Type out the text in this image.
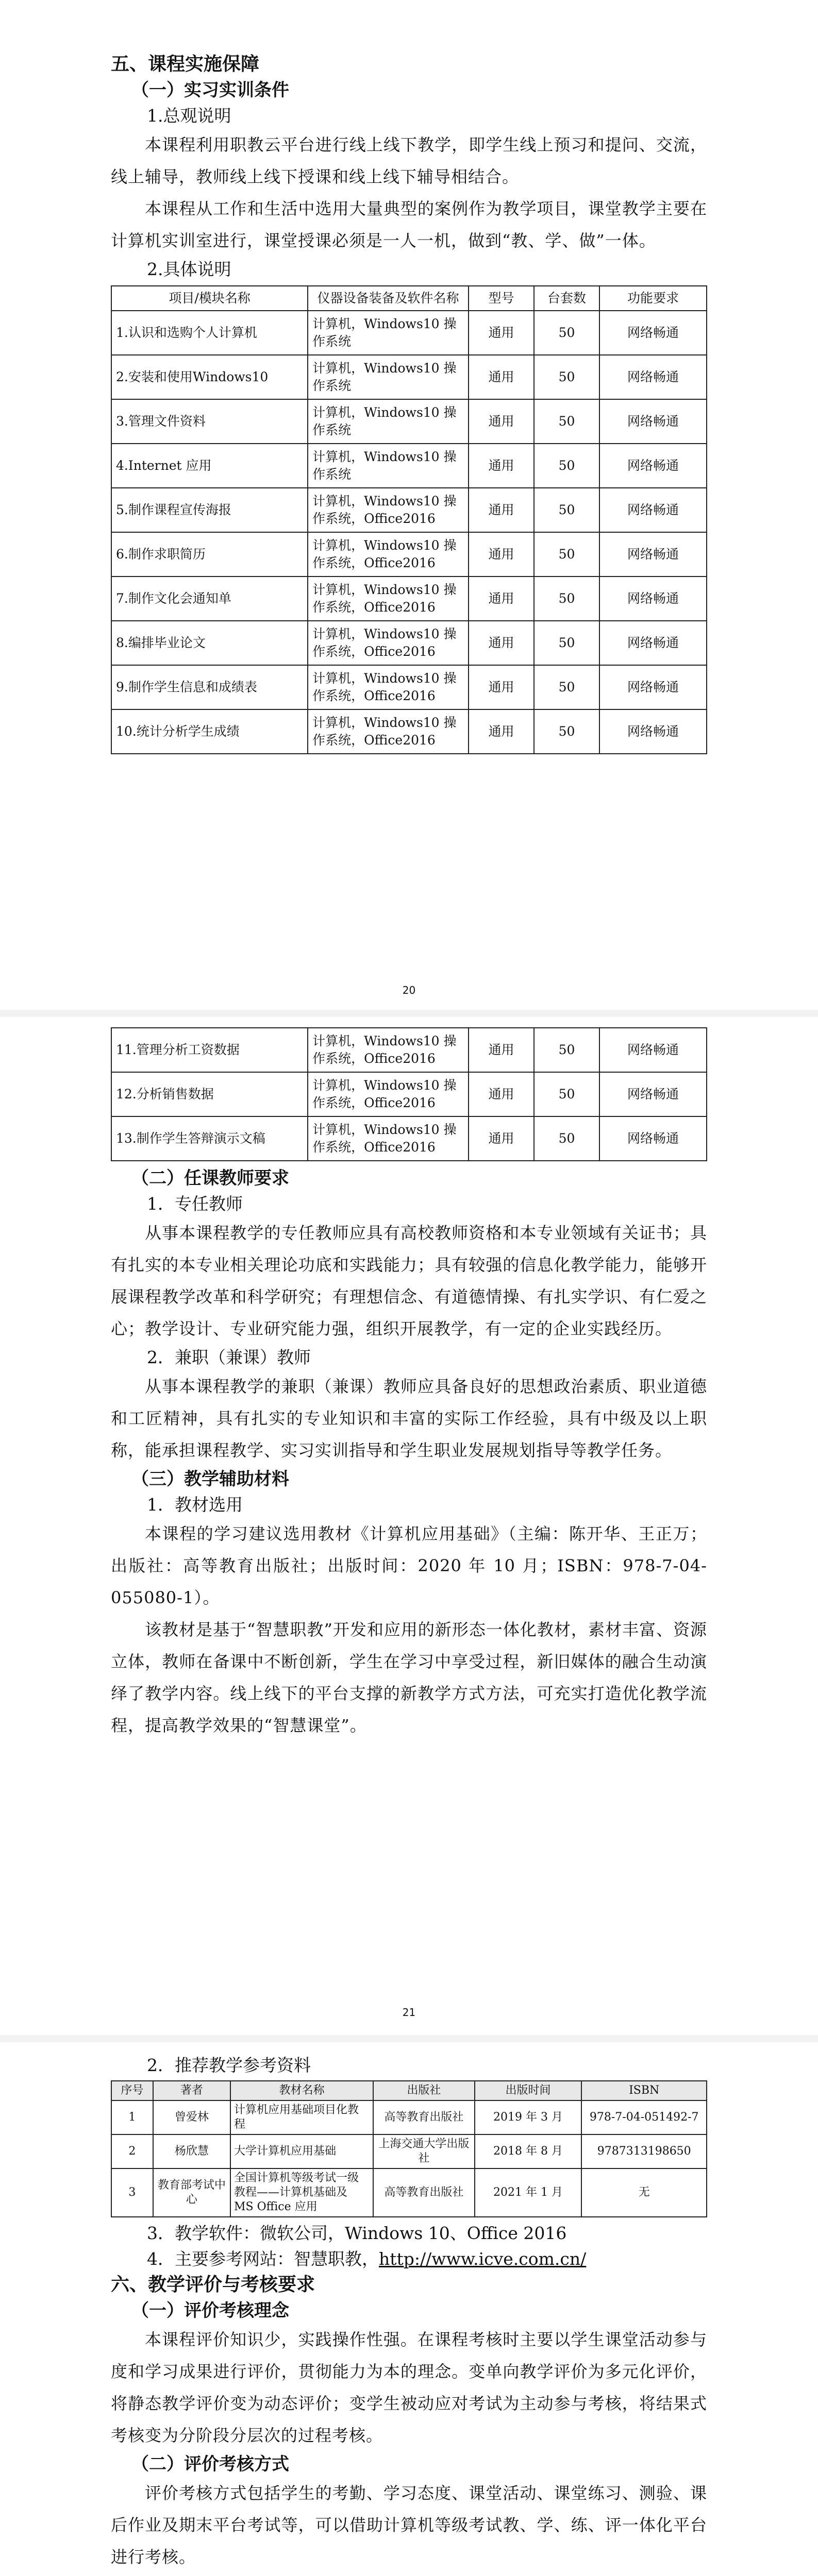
五、课程实施保障

（一）实习实训条件

1.总观说明

本课程利用职教云平台进行线上线下教学，即学生线上预习和提问、交流，线上辅导，教师线上线下授课和线上线下辅导相结合。

本课程从工作和生活中选用大量典型的案例作为教学项目，课堂教学主要在计算机实训室进行，课堂授课必须是一人一机，做到“教、学、做”一体。

2.具体说明

项目/模块名称	仪器设备装备及软件名称	型号	台套数	功能要求
1.认识和选购个人计算机	计算机，Windows10 操作系统	通用	50	网络畅通
2.安装和使用Windows10	计算机，Windows10 操作系统	通用	50	网络畅通
3.管理文件资料	计算机，Windows10 操作系统	通用	50	网络畅通
4.Internet 应用	计算机，Windows10 操作系统	通用	50	网络畅通
5.制作课程宣传海报	计算机，Windows10 操作系统，Office2016	通用	50	网络畅通
6.制作求职简历	计算机，Windows10 操作系统，Office2016	通用	50	网络畅通
7.制作文化会通知单	计算机，Windows10 操作系统，Office2016	通用	50	网络畅通
8.编排毕业论文	计算机，Windows10 操作系统，Office2016	通用	50	网络畅通
9.制作学生信息和成绩表	计算机，Windows10 操作系统，Office2016	通用	50	网络畅通
10.统计分析学生成绩	计算机，Windows10 操作系统，Office2016	通用	50	网络畅通
20
11.管理分析工资数据	计算机，Windows10 操作系统，Office2016	通用	50	网络畅通
12.分析销售数据	计算机，Windows10 操作系统，Office2016	通用	50	网络畅通
13.制作学生答辩演示文稿	计算机，Windows10 操作系统，Office2016	通用	50	网络畅通

（二）任课教师要求

1．专任教师

从事本课程教学的专任教师应具有高校教师资格和本专业领域有关证书；具有扎实的本专业相关理论功底和实践能力；具有较强的信息化教学能力，能够开展课程教学改革和科学研究；有理想信念、有道德情操、有扎实学识、有仁爱之心；教学设计、专业研究能力强，组织开展教学，有一定的企业实践经历。

2．兼职（兼课）教师

从事本课程教学的兼职（兼课）教师应具备良好的思想政治素质、职业道德和工匠精神，具有扎实的专业知识和丰富的实际工作经验，具有中级及以上职称，能承担课程教学、实习实训指导和学生职业发展规划指导等教学任务。

（三）教学辅助材料

1．教材选用

本课程的学习建议选用教材《计算机应用基础》（主编：陈开华、王正万；出版社：高等教育出版社；出版时间：2020 年 10 月；ISBN：978-7-04-055080-1）。

该教材是基于“智慧职教”开发和应用的新形态一体化教材，素材丰富、资源立体，教师在备课中不断创新，学生在学习中享受过程，新旧媒体的融合生动演绎了教学内容。线上线下的平台支撑的新教学方式方法，可充实打造优化教学流程，提高教学效果的“智慧课堂”。

21

2．推荐教学参考资料

序号	著者	教材名称	出版社	出版时间	ISBN
1	曾爱林	计算机应用基础项目化教程	高等教育出版社	2019 年 3 月	978-7-04-051492-7
2	杨欣慧	大学计算机应用基础	上海交通大学出版社	2018 年 8 月	9787313198650
3	教育部考试中心	全国计算机等级考试一级教程——计算机基础及 MS Office 应用	高等教育出版社	2021 年 1 月	无

3．教学软件：微软公司，Windows 10、Office 2016

4．主要参考网站：智慧职教，http://www.icve.com.cn/

六、教学评价与考核要求

（一）评价考核理念

本课程评价知识少，实践操作性强。在课程考核时主要以学生课堂活动参与度和学习成果进行评价，贯彻能力为本的理念。变单向教学评价为多元化评价，将静态教学评价变为动态评价；变学生被动应对考试为主动参与考核，将结果式考核变为分阶段分层次的过程考核。

（二）评价考核方式

评价考核方式包括学生的考勤、学习态度、课堂活动、课堂练习、测验、课后作业及期末平台考试等，可以借助计算机等级考试教、学、练、评一体化平台进行考核。
